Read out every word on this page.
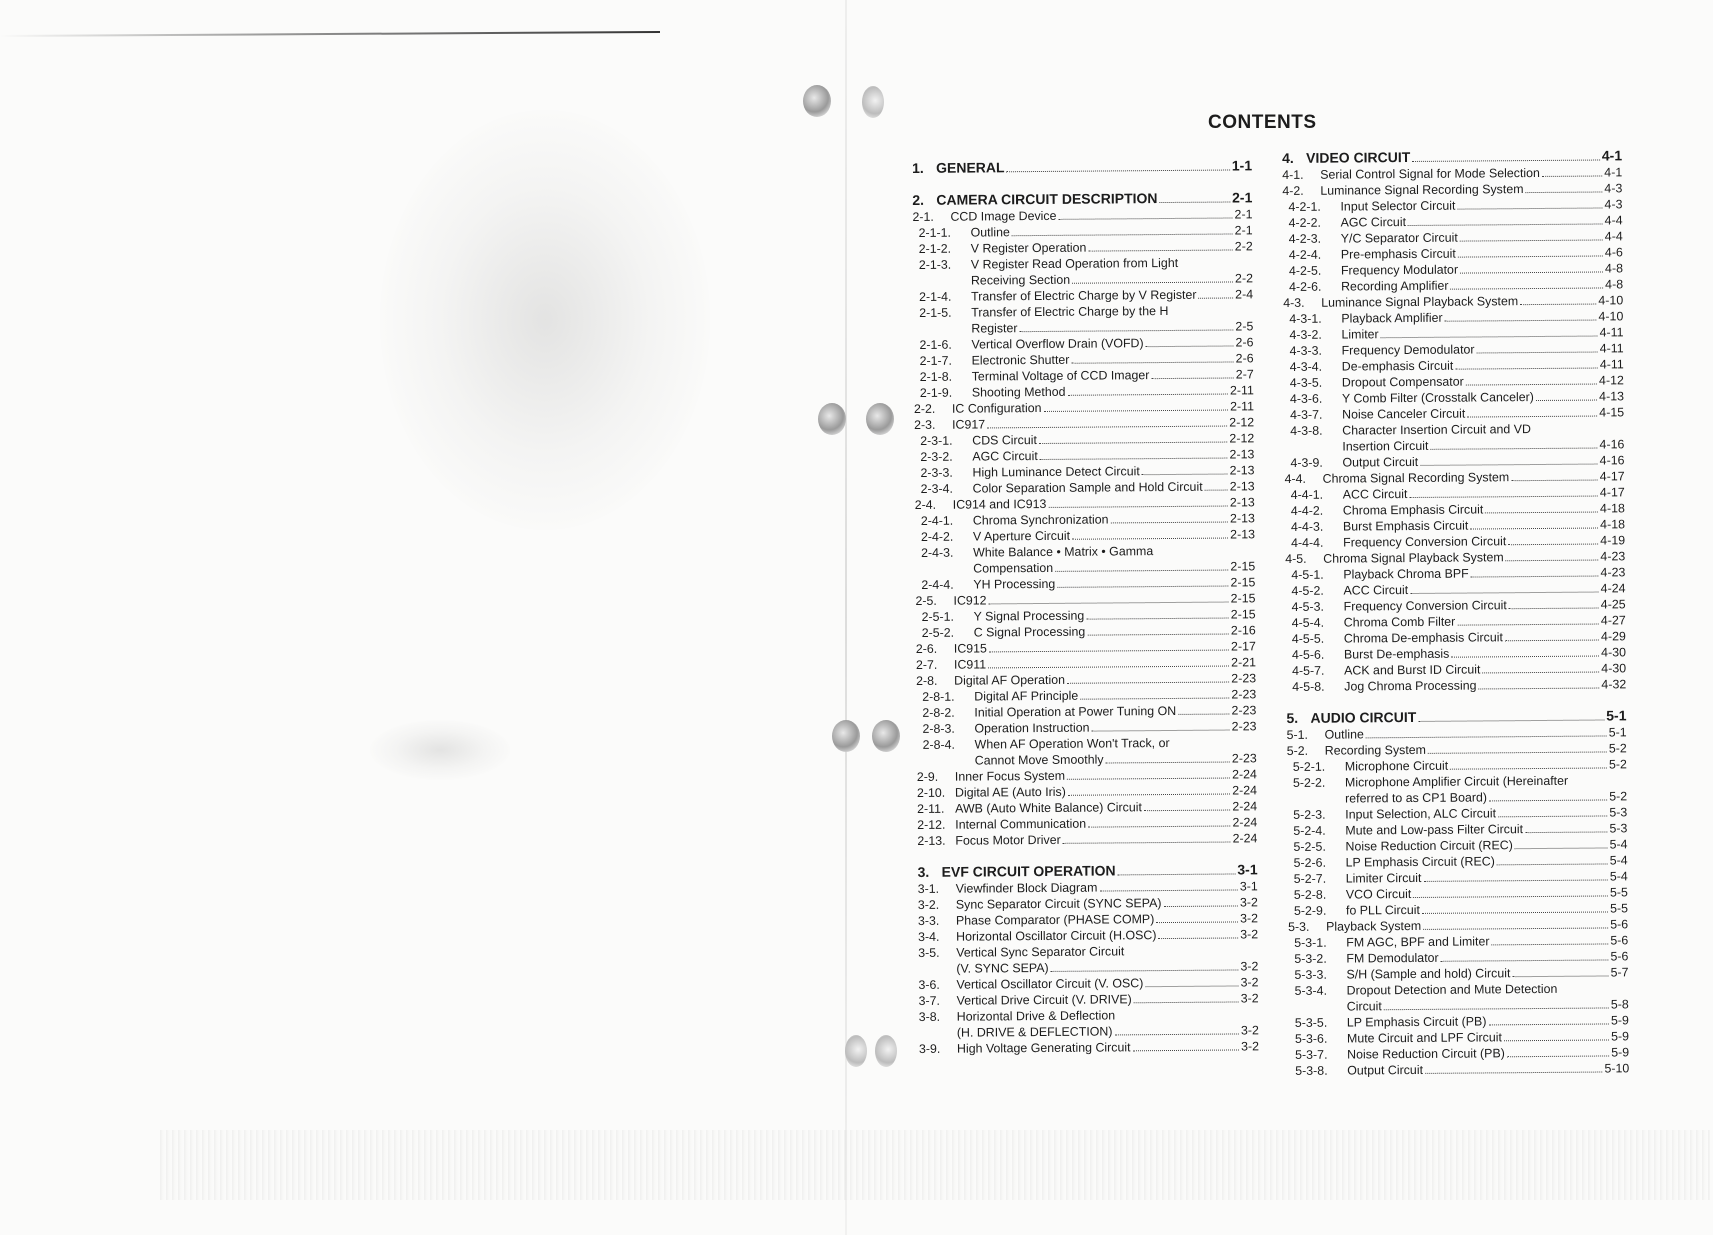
CONTENTS
1. GENERAL	1-1
2. CAMERA CIRCUIT DESCRIPTION	2-1
2-1.	CCD Image Device	2-1
2-1-1.	Outline	2-1
2-1-2.	V Register Operation	2-2
2-1-3.	V Register Read Operation from Light
Receiving Section	2-2
2-1-4.	Transfer of Electric Charge by V Register	2-4
2-1-5.	Transfer of Electric Charge by the H
Register	2-5
2-1-6.	Vertical Overflow Drain (VOFD)	2-6
2-1-7.	Electronic Shutter	2-6
2-1-8.	Terminal Voltage of CCD Imager	2-7
2-1-9.	Shooting Method	2-11
2-2.	IC Configuration	2-11
2-3.	IC917	2-12
2-3-1.	CDS Circuit	2-12
2-3-2.	AGC Circuit	2-13
2-3-3.	High Luminance Detect Circuit	2-13
2-3-4.	Color Separation Sample and Hold Circuit 2-13
2-4.	IC914 and IC913	2-13
2-4-1.	Chroma Synchronization	2-13
2-4-2.	V Aperture Circuit	2-13
2-4-3.	White Balance • Matrix • Gamma
Compensation	2-15
2-4-4.	YH Processing	2-15
2-5.	IC912	2-15
2-5-1.	Y Signal Processing	2-15
2-5-2.	C Signal Processing	2-16
2-6.	IC915	2-17
2-7.	IC911	2-21
2-8.	Digital AF Operation	2-23
2-8-1.	Digital AF Principle	2-23
2-8-2.	Initial Operation at Power Tuning ON	2-23
2-8-3.	Operation Instruction	2-23
2-8-4.	When AF Operation Won't Track, or
Cannot Move Smoothly	2-23
2-9.	Inner Focus System	2-24
2-10. Digital AE (Auto Iris)	2-24
2-11. AWB (Auto White Balance) Circuit	2-24
2-12. Internal Communication	2-24
2-13. Focus Motor Driver	2-24
3. EVF CIRCUIT OPERATION	3-1
3-1.	Viewfinder Block Diagram	3-1
3-2.	Sync Separator Circuit (SYNC SEPA)	3-2
3-3.	Phase Comparator (PHASE COMP)	3-2
3-4.	Horizontal Oscillator Circuit (H.OSC)	3-2
3-5.	Vertical Sync Separator Circuit
(V. SYNC SEPA)	3-2
3-6.	Vertical Oscillator Circuit (V. OSC)	3-2
3-7.	Vertical Drive Circuit (V. DRIVE)	3-2
3-8.	Horizontal Drive & Deflection
(H. DRIVE & DEFLECTION)	3-2
3-9.	High Voltage Generating Circuit	3-2
4. VIDEO CIRCUIT	4-1
4-1.	Serial Control Signal for Mode Selection	4-1
4-2.	Luminance Signal Recording System	4-3
4-2-1.	Input Selector Circuit	4-3
4-2-2.	AGC Circuit	4-4
4-2-3.	Y/C Separator Circuit	4-4
4-2-4.	Pre-emphasis Circuit	4-6
4-2-5.	Frequency Modulator	4-8
4-2-6.	Recording Amplifier	4-8
4-3.	Luminance Signal Playback System	4-10
4-3-1.	Playback Amplifier	4-10
4-3-2.	Limiter	4-11
4-3-3.	Frequency Demodulator	4-11
4-3-4.	De-emphasis Circuit	4-11
4-3-5.	Dropout Compensator	4-12
4-3-6.	Y Comb Filter (Crosstalk Canceler)	4-13
4-3-7.	Noise Canceler Circuit	4-15
4-3-8.	Character Insertion Circuit and VD
Insertion Circuit	4-16
4-3-9.	Output Circuit	4-16
4-4.	Chroma Signal Recording System	4-17
4-4-1.	ACC Circuit	4-17
4-4-2.	Chroma Emphasis Circuit	4-18
4-4-3.	Burst Emphasis Circuit	4-18
4-4-4.	Frequency Conversion Circuit	4-19
4-5.	Chroma Signal Playback System	4-23
4-5-1.	Playback Chroma BPF	4-23
4-5-2.	ACC Circuit	4-24
4-5-3.	Frequency Conversion Circuit	4-25
4-5-4.	Chroma Comb Filter	4-27
4-5-5.	Chroma De-emphasis Circuit	4-29
4-5-6.	Burst De-emphasis	4-30
4-5-7.	ACK and Burst ID Circuit	4-30
4-5-8.	Jog Chroma Processing	4-32
5. AUDIO CIRCUIT	5-1
5-1.	Outline	5-1
5-2.	Recording System	5-2
5-2-1.	Microphone Circuit	5-2
5-2-2.	Microphone Amplifier Circuit (Hereinafter
referred to as CP1 Board)	5-2
5-2-3.	Input Selection, ALC Circuit	5-3
5-2-4.	Mute and Low-pass Filter Circuit	5-3
5-2-5.	Noise Reduction Circuit (REC)	5-4
5-2-6.	LP Emphasis Circuit (REC)	5-4
5-2-7.	Limiter Circuit	5-4
5-2-8.	VCO Circuit	5-5
5-2-9.	fo PLL Circuit	5-5
5-3.	Playback System	5-6
5-3-1.	FM AGC, BPF and Limiter	5-6
5-3-2.	FM Demodulator	5-6
5-3-3.	S/H (Sample and hold) Circuit	5-7
5-3-4.	Dropout Detection and Mute Detection
Circuit	5-8
5-3-5.	LP Emphasis Circuit (PB)	5-9
5-3-6.	Mute Circuit and LPF Circuit	5-9
5-3-7.	Noise Reduction Circuit (PB)	5-9
5-3-8.	Output Circuit	5-10
